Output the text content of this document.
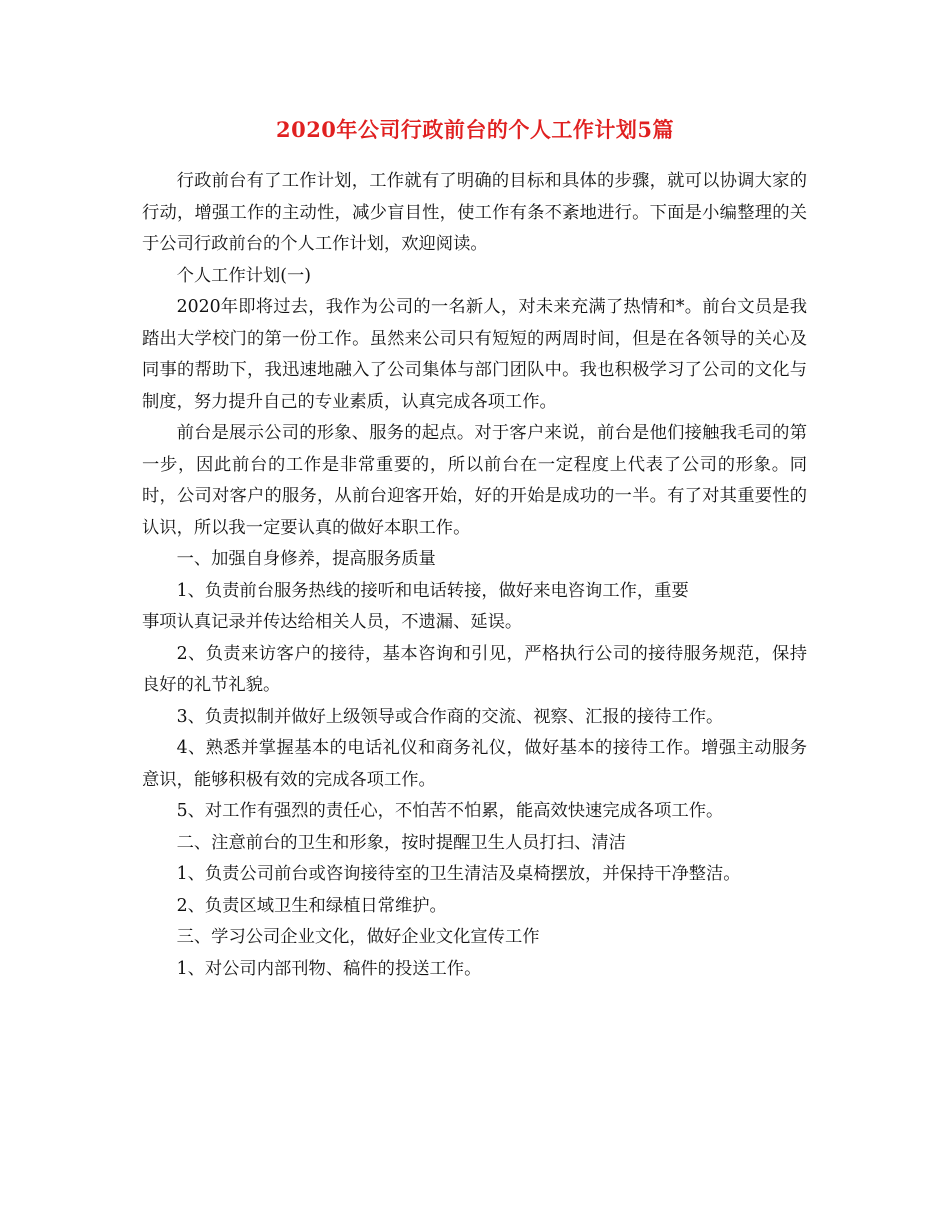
2020年公司行政前台的个人工作计划5篇

行政前台有了工作计划，工作就有了明确的目标和具体的步骤，就可以协调大家的行动，增强工作的主动性，减少盲目性，使工作有条不紊地进行。下面是小编整理的关于公司行政前台的个人工作计划，欢迎阅读。

个人工作计划(一)

2020年即将过去，我作为公司的一名新人，对未来充满了热情和*。前台文员是我踏出大学校门的第一份工作。虽然来公司只有短短的两周时间，但是在各领导的关心及同事的帮助下，我迅速地融入了公司集体与部门团队中。我也积极学习了公司的文化与制度，努力提升自己的专业素质，认真完成各项工作。

前台是展示公司的形象、服务的起点。对于客户来说，前台是他们接触我毛司的第一步，因此前台的工作是非常重要的，所以前台在一定程度上代表了公司的形象。同时，公司对客户的服务，从前台迎客开始，好的开始是成功的一半。有了对其重要性的认识，所以我一定要认真的做好本职工作。

一、加强自身修养，提高服务质量

1、负责前台服务热线的接听和电话转接，做好来电咨询工作，重要

事项认真记录并传达给相关人员，不遗漏、延误。

2、负责来访客户的接待，基本咨询和引见，严格执行公司的接待服务规范，保持良好的礼节礼貌。

3、负责拟制并做好上级领导或合作商的交流、视察、汇报的接待工作。

4、熟悉并掌握基本的电话礼仪和商务礼仪，做好基本的接待工作。增强主动服务意识，能够积极有效的完成各项工作。

5、对工作有强烈的责任心，不怕苦不怕累，能高效快速完成各项工作。

二、注意前台的卫生和形象，按时提醒卫生人员打扫、清洁

1、负责公司前台或咨询接待室的卫生清洁及桌椅摆放，并保持干净整洁。

2、负责区域卫生和绿植日常维护。

三、学习公司企业文化，做好企业文化宣传工作

1、对公司内部刊物、稿件的投送工作。
